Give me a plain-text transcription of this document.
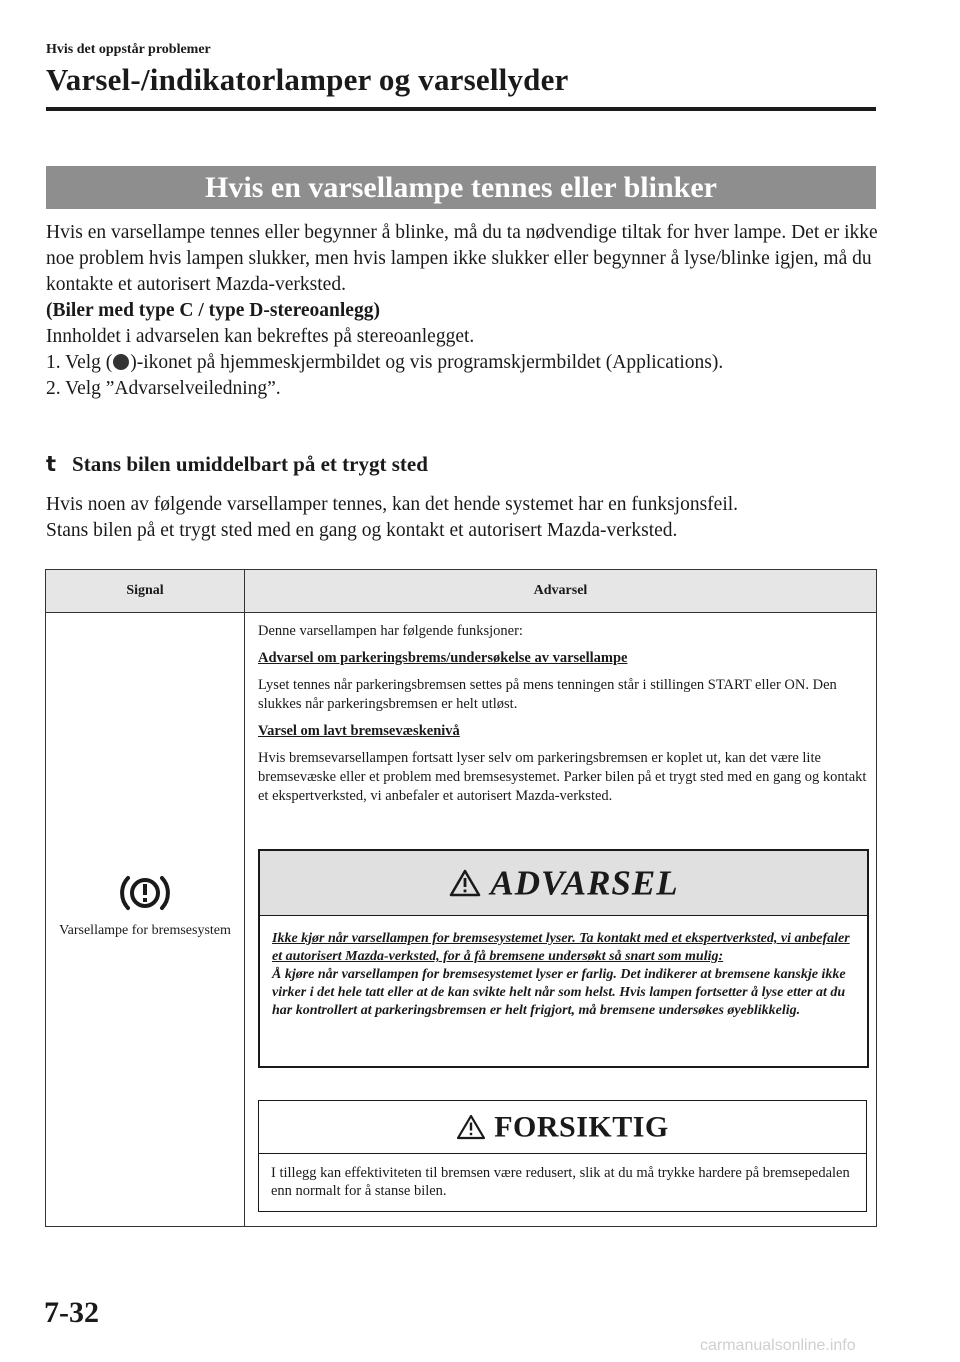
Hvis det oppstår problemer
Varsel-/indikatorlamper og varsellyder
Hvis en varsellampe tennes eller blinker

Hvis en varsellampe tennes eller begynner å blinke, må du ta nødvendige tiltak for hver lampe. Det er ikke noe problem hvis lampen slukker, men hvis lampen ikke slukker eller begynner å lyse/blinke igjen, må du kontakte et autorisert Mazda-verksted.

(Biler med type C / type D-stereoanlegg)

Innholdet i advarselen kan bekreftes på stereoanlegget.

1. Velg ( )-ikonet på hjemmeskjermbildet og vis programskjermbildet (Applications).

2. Velg ”Advarselveiledning”.

t Stans bilen umiddelbart på et trygt sted

Hvis noen av følgende varsellamper tennes, kan det hende systemet har en funksjonsfeil.

Stans bilen på et trygt sted med en gang og kontakt et autorisert Mazda-verksted.

Signal	Advarsel
Varsellampe for bremsesystem

Denne varsellampen har følgende funksjoner:

Advarsel om parkeringsbrems/undersøkelse av varsellampe

Lyset tennes når parkeringsbremsen settes på mens tenningen står i stillingen START eller ON. Den slukkes når parkeringsbremsen er helt utløst.

Varsel om lavt bremsevæskenivå

Hvis bremsevarsellampen fortsatt lyser selv om parkeringsbremsen er koplet ut, kan det være lite bremsevæske eller et problem med bremsesystemet. Parker bilen på et trygt sted med en gang og kontakt et ekspertverksted, vi anbefaler et autorisert Mazda-verksted.

ADVARSEL
Ikke kjør når varsellampen for bremsesystemet lyser. Ta kontakt med et ekspertverksted, vi anbefaler et autorisert Mazda-verksted, for å få bremsene undersøkt så snart som mulig:
Å kjøre når varsellampen for bremsesystemet lyser er farlig. Det indikerer at bremsene kanskje ikke virker i det hele tatt eller at de kan svikte helt når som helst. Hvis lampen fortsetter å lyse etter at du har kontrollert at parkeringsbremsen er helt frigjort, må bremsene undersøkes øyeblikkelig.
FORSIKTIG
I tillegg kan effektiviteten til bremsen være redusert, slik at du må trykke hardere på bremsepedalen enn normalt for å stanse bilen.
7-32
carmanualsonline.info
